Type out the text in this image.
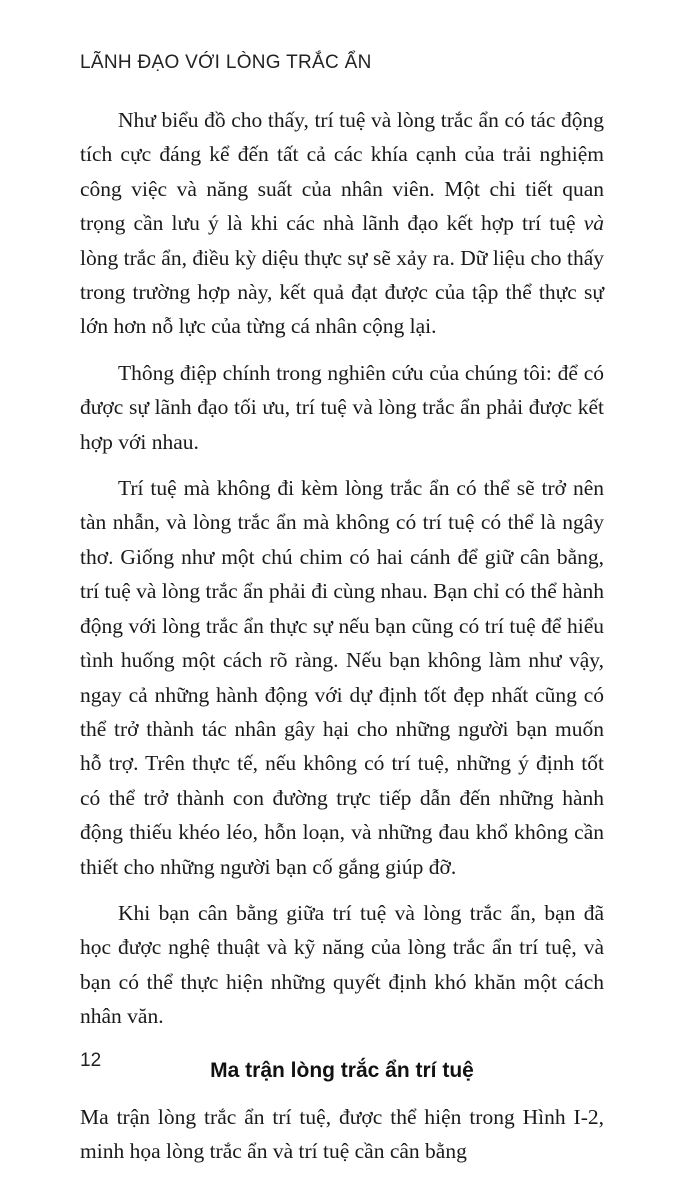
LÃNH ĐẠO VỚI LÒNG TRẮC ẨN

Như biểu đồ cho thấy, trí tuệ và lòng trắc ẩn có tác động tích cực đáng kể đến tất cả các khía cạnh của trải nghiệm công việc và năng suất của nhân viên. Một chi tiết quan trọng cần lưu ý là khi các nhà lãnh đạo kết hợp trí tuệ và lòng trắc ẩn, điều kỳ diệu thực sự sẽ xảy ra. Dữ liệu cho thấy trong trường hợp này, kết quả đạt được của tập thể thực sự lớn hơn nỗ lực của từng cá nhân cộng lại.

Thông điệp chính trong nghiên cứu của chúng tôi: để có được sự lãnh đạo tối ưu, trí tuệ và lòng trắc ẩn phải được kết hợp với nhau.

Trí tuệ mà không đi kèm lòng trắc ẩn có thể sẽ trở nên tàn nhẫn, và lòng trắc ẩn mà không có trí tuệ có thể là ngây thơ. Giống như một chú chim có hai cánh để giữ cân bằng, trí tuệ và lòng trắc ẩn phải đi cùng nhau. Bạn chỉ có thể hành động với lòng trắc ẩn thực sự nếu bạn cũng có trí tuệ để hiểu tình huống một cách rõ ràng. Nếu bạn không làm như vậy, ngay cả những hành động với dự định tốt đẹp nhất cũng có thể trở thành tác nhân gây hại cho những người bạn muốn hỗ trợ. Trên thực tế, nếu không có trí tuệ, những ý định tốt có thể trở thành con đường trực tiếp dẫn đến những hành động thiếu khéo léo, hỗn loạn, và những đau khổ không cần thiết cho những người bạn cố gắng giúp đỡ.

Khi bạn cân bằng giữa trí tuệ và lòng trắc ẩn, bạn đã học được nghệ thuật và kỹ năng của lòng trắc ẩn trí tuệ, và bạn có thể thực hiện những quyết định khó khăn một cách nhân văn.

Ma trận lòng trắc ẩn trí tuệ

Ma trận lòng trắc ẩn trí tuệ, được thể hiện trong Hình I-2, minh họa lòng trắc ẩn và trí tuệ cần cân bằng

12
